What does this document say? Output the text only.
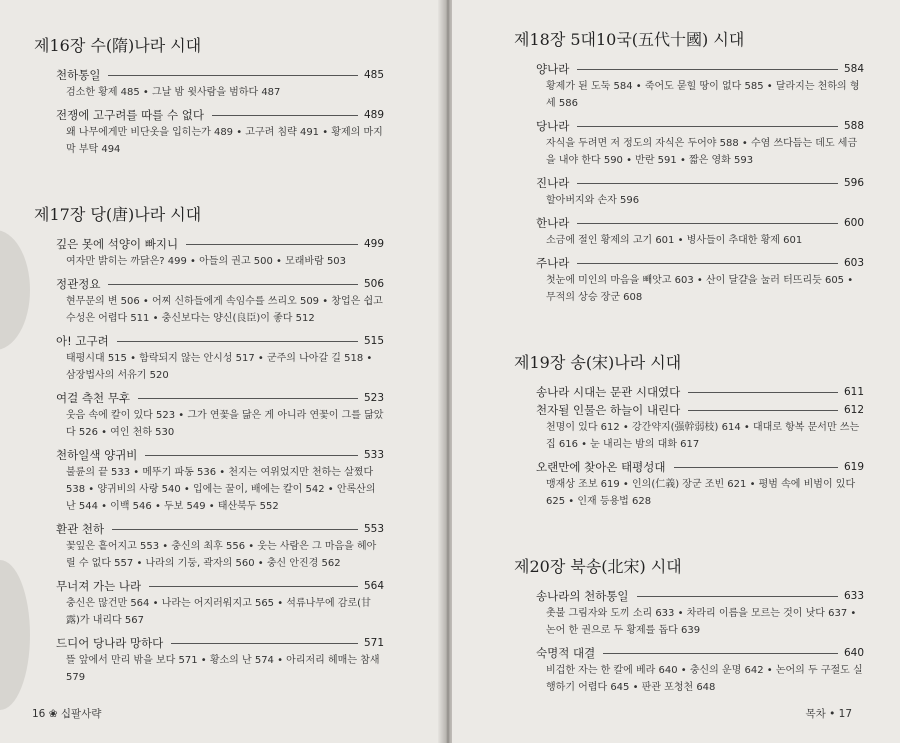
제16장 수(隋)나라 시대
천하통일	485
검소한 황제 485 • 그날 밤 윗사람을 범하다 487
전쟁에 고구려를 따를 수 없다	489
왜 나무에게만 비단옷을 입히는가 489 • 고구려 침략 491 • 황제의 마지막 부탁 494
제17장 당(唐)나라 시대
깊은 못에 석양이 빠지니	499
여자만 밝히는 까닭은? 499 • 아들의 권고 500 • 모래바람 503
정관정요	506
현무문의 변 506 • 어찌 신하들에게 속임수를 쓰리오 509 • 창업은 쉽고 수성은 어렵다 511 • 충신보다는 양신(良臣)이 좋다 512
아! 고구려	515
태평시대 515 • 함락되지 않는 안시성 517 • 군주의 나아갈 길 518 • 삼장법사의 서유기 520
여걸 측천 무후	523
웃음 속에 칼이 있다 523 • 그가 연꽃을 닮은 게 아니라 연꽃이 그를 닮았다 526 • 여인 천하 530
천하일색 양귀비	533
불륜의 끝 533 • 메뚜기 파동 536 • 천지는 여위었지만 천하는 살쪘다 538 • 양귀비의 사랑 540 • 입에는 꿀이, 배에는 칼이 542 • 안록산의 난 544 • 이백 546 • 두보 549 • 태산북두 552
환관 천하	553
꽃잎은 흩어지고 553 • 충신의 최후 556 • 웃는 사람은 그 마음을 헤아릴 수 없다 557 • 나라의 기둥, 곽자의 560 • 충신 안진경 562
무너져 가는 나라	564
충신은 많건만 564 • 나라는 어지러워지고 565 • 석류나무에 감로(甘露)가 내리다 567
드디어 당나라 망하다	571
뜰 앞에서 만리 밖을 보다 571 • 황소의 난 574 • 아리저리 헤매는 참새 579
16 ❀ 십팔사략
제18장 5대10국(五代十國) 시대
양나라	584
황제가 된 도둑 584 • 죽어도 묻힐 땅이 없다 585 • 달라지는 천하의 형세 586
당나라	588
자식을 두려면 저 정도의 자식은 두어야 588 • 수염 쓰다듬는 데도 세금을 내야 한다 590 • 반란 591 • 짧은 영화 593
진나라	596
할아버지와 손자 596
한나라	600
소금에 절인 황제의 고기 601 • 병사들이 추대한 황제 601
주나라	603
첫눈에 미인의 마음을 빼앗고 603 • 산이 달걀을 눌러 터뜨리듯 605 • 무적의 상승 장군 608
제19장 송(宋)나라 시대
송나라 시대는 문관 시대였다	611
천자될 인물은 하늘이 내린다	612
천명이 있다 612 • 강간약지(强幹弱枝) 614 • 대대로 항복 문서만 쓰는 집 616 • 눈 내리는 밤의 대화 617
오랜만에 찾아온 태평성대	619
맹재상 조보 619 • 인의(仁義) 장군 조빈 621 • 평범 속에 비범이 있다 625 • 인재 등용법 628
제20장 북송(北宋) 시대
송나라의 천하통일	633
촛불 그림자와 도끼 소리 633 • 차라리 이름을 모르는 것이 낫다 637 • 논어 한 권으로 두 황제를 돕다 639
숙명적 대결	640
비겁한 자는 한 칼에 베라 640 • 충신의 운명 642 • 논어의 두 구절도 실행하기 어렵다 645 • 판관 포청천 648
목차 • 17
